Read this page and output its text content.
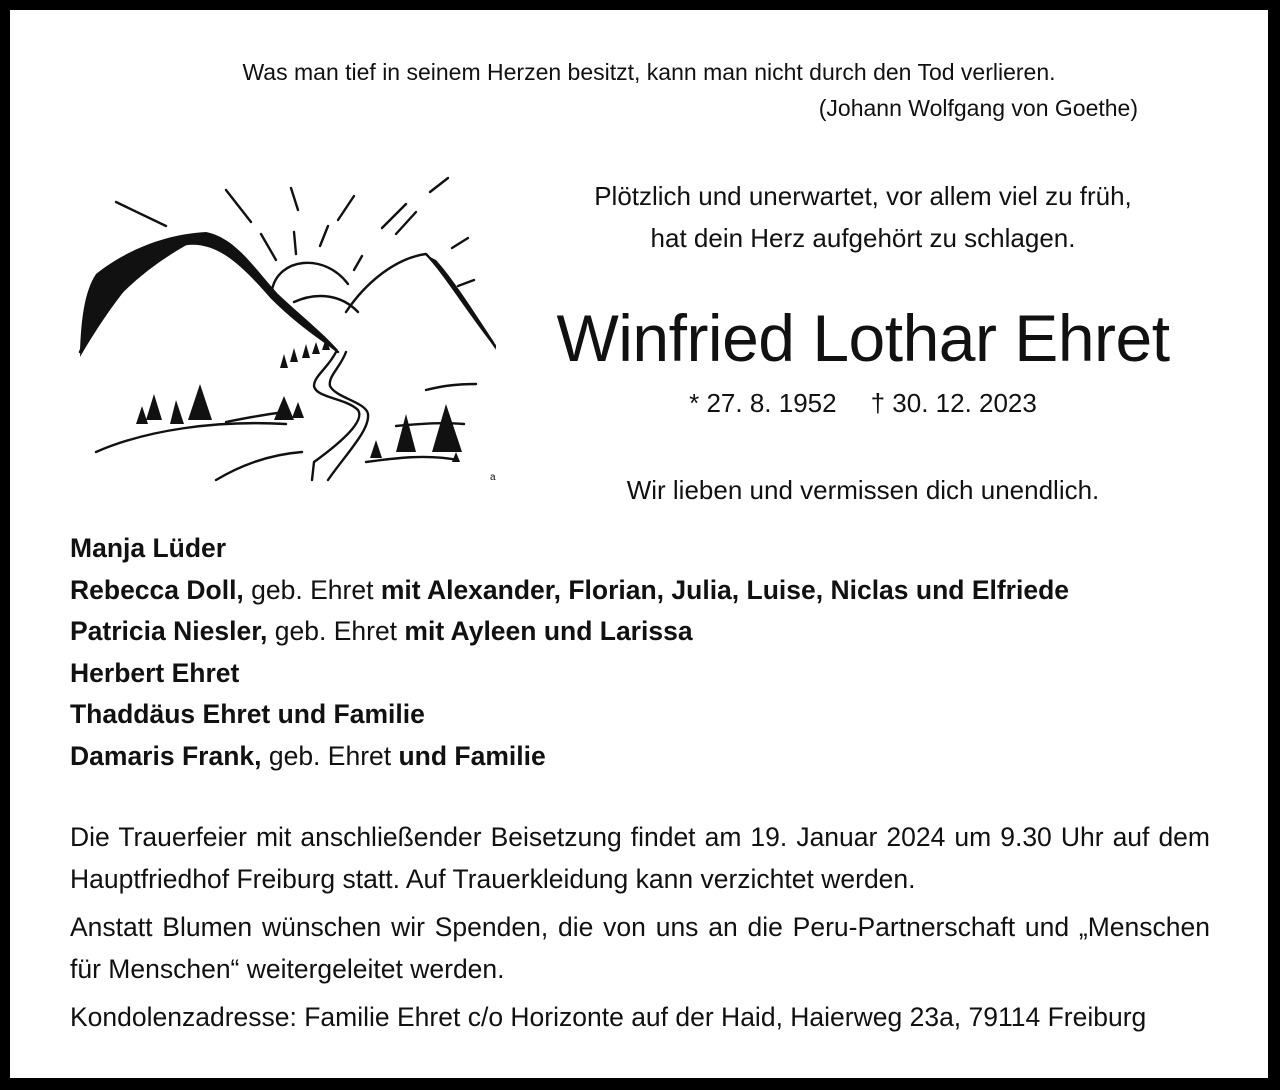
Was man tief in seinem Herzen besitzt, kann man nicht durch den Tod verlieren.
(Johann Wolfgang von Goethe)
a
Plötzlich und unerwartet, vor allem viel zu früh,
hat dein Herz aufgehört zu schlagen.
Winfried Lothar Ehret
* 27. 8. 1952 † 30. 12. 2023
Wir lieben und vermissen dich unendlich.
Manja Lüder
Rebecca Doll, geb. Ehret mit Alexander, Florian, Julia, Luise, Niclas und Elfriede
Patricia Niesler, geb. Ehret mit Ayleen und Larissa
Herbert Ehret
Thaddäus Ehret und Familie
Damaris Frank, geb. Ehret und Familie

Die Trauerfeier mit anschließender Beisetzung findet am 19. Januar 2024 um 9.30 Uhr auf dem Hauptfriedhof Freiburg statt. Auf Trauerkleidung kann verzichtet werden.

Anstatt Blumen wünschen wir Spenden, die von uns an die Peru-Partnerschaft und „Menschen für Menschen“ weitergeleitet werden.

Kondolenzadresse: Familie Ehret c/o Horizonte auf der Haid, Haierweg 23a, 79114 Freiburg
